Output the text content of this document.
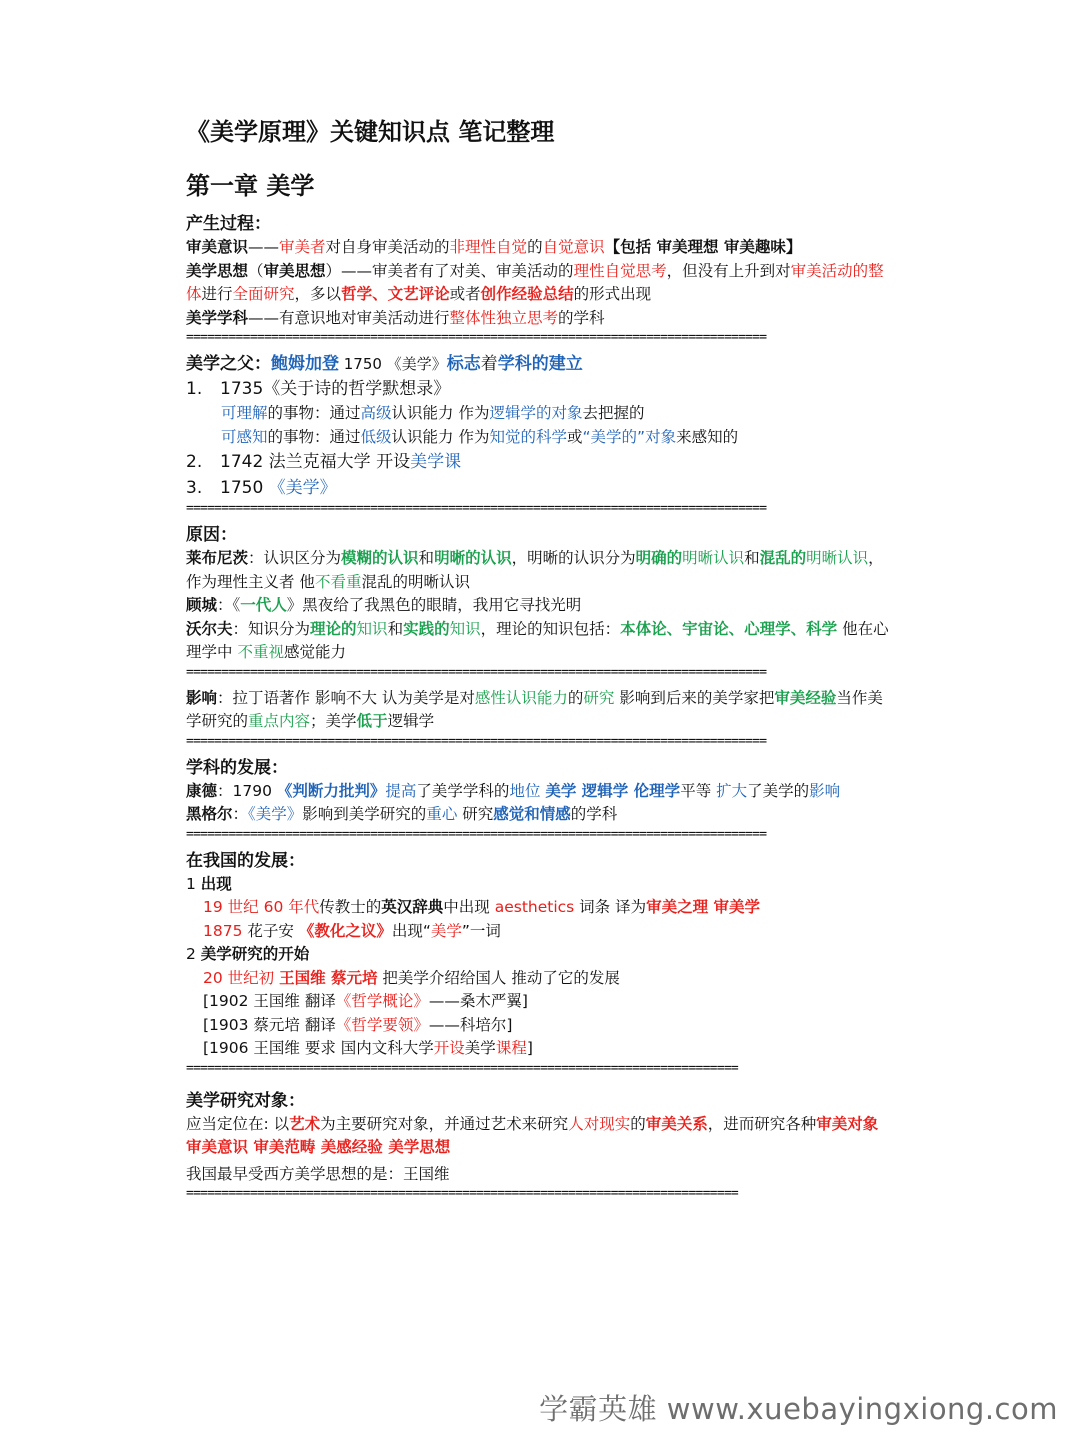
《美学原理》关键知识点 笔记整理
第一章 美学
产生过程：
审美意识——审美者对自身审美活动的非理性自觉的自觉意识【包括 审美理想 审美趣味】
美学思想（审美思想）——审美者有了对美、审美活动的理性自觉思考，但没有上升到对审美活动的整体进行全面研究，多以哲学、文艺评论或者创作经验总结的形式出现
美学学科——有意识地对审美活动进行整体性独立思考的学科
==================================================================================
美学之父：鲍姆加登 1750 《美学》标志着学科的建立
1. 1735《关于诗的哲学默想录》
可理解的事物：通过高级认识能力 作为逻辑学的对象去把握的
可感知的事物：通过低级认识能力 作为知觉的科学或“美学的”对象来感知的
2. 1742 法兰克福大学 开设美学课
3. 1750 《美学》
==================================================================================
原因：
莱布尼茨：认识区分为模糊的认识和明晰的认识，明晰的认识分为明确的明晰认识和混乱的明晰认识，作为理性主义者 他不看重混乱的明晰认识
顾城：《一代人》黑夜给了我黑色的眼睛，我用它寻找光明
沃尔夫：知识分为理论的知识和实践的知识，理论的知识包括：本体论、宇宙论、心理学、科学 他在心理学中 不重视感觉能力
==================================================================================
影响：拉丁语著作 影响不大 认为美学是对感性认识能力的研究 影响到后来的美学家把审美经验当作美学研究的重点内容；美学低于逻辑学
==================================================================================
学科的发展：
康德：1790 《判断力批判》提高了美学学科的地位 美学 逻辑学 伦理学平等 扩大了美学的影响
黑格尔：《美学》影响到美学研究的重心 研究感觉和情感的学科
==================================================================================
在我国的发展：
1 出现
19 世纪 60 年代传教士的英汉辞典中出现 aesthetics 词条 译为审美之理 审美学
1875 花子安 《教化之议》出现“美学”一词
2 美学研究的开始
20 世纪初 王国维 蔡元培 把美学介绍给国人 推动了它的发展
[1902 王国维 翻译《哲学概论》——桑木严翼]
[1903 蔡元培 翻译《哲学要领》——科培尔]
[1906 王国维 要求 国内文科大学开设美学课程]
==============================================================================
美学研究对象：
应当定位在: 以艺术为主要研究对象，并通过艺术来研究人对现实的审美关系，进而研究各种审美对象 审美意识 审美范畴 美感经验 美学思想
我国最早受西方美学思想的是：王国维
==============================================================================
学霸英雄 www.xuebayingxiong.com
